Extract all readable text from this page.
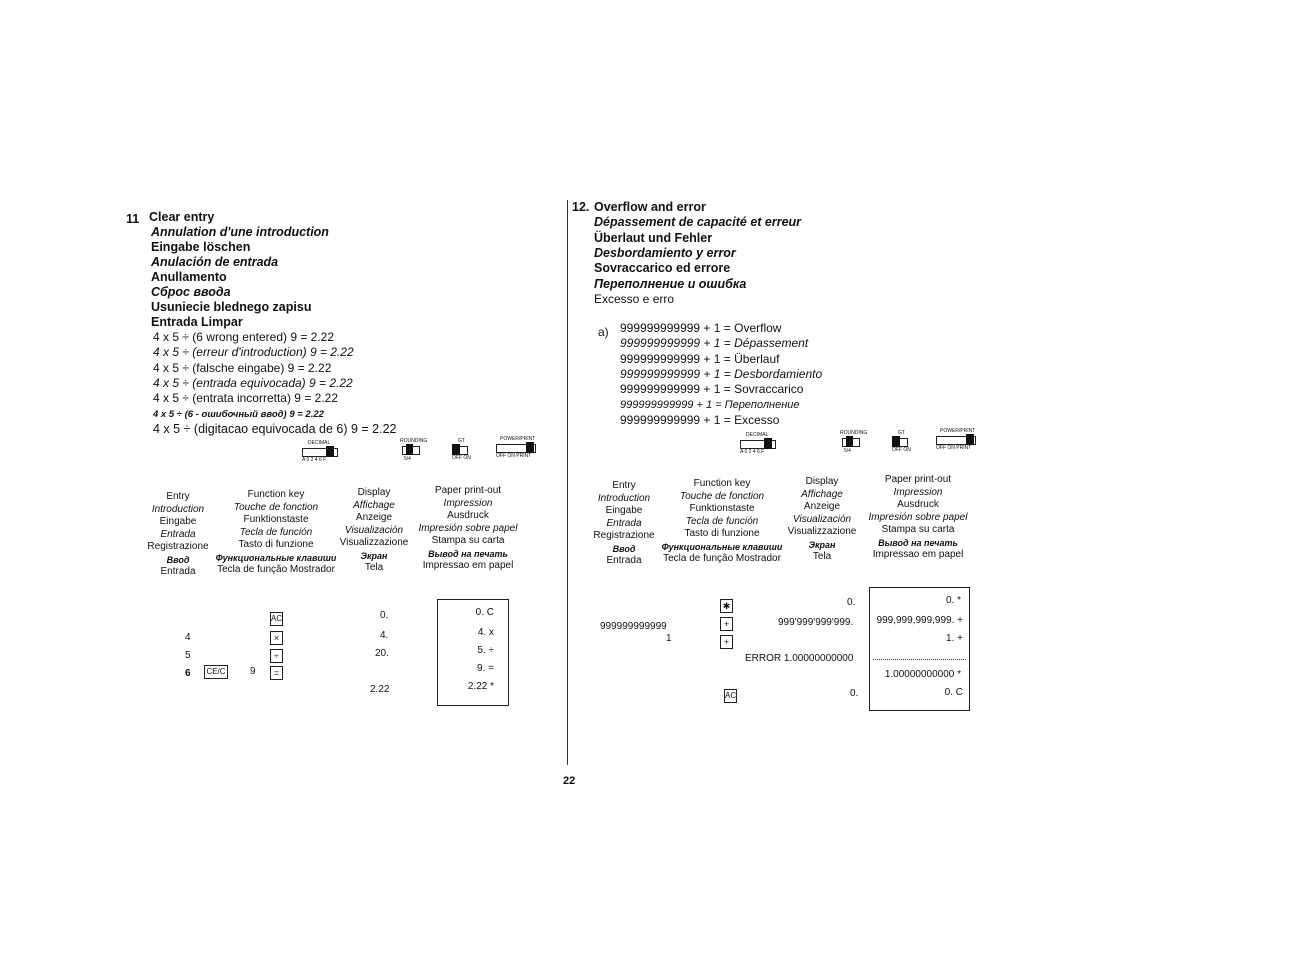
11 Clear entry
Annulation d'une introduction
Eingabe löschen
Anulación de entrada
Anullamento
Сброс ввода
Usuniecie blednego zapisu
Entrada Limpar
4 x 5 ÷ (6 wrong entered) 9 = 2.22
4 x 5 ÷ (erreur d'introduction) 9 = 2.22
4 x 5 ÷ (falsche eingabe) 9 = 2.22
4 x 5 ÷ (entrada equivocada) 9 = 2.22
4 x 5 ÷ (entrata incorretta) 9 = 2.22
4 x 5 ÷ (6 - ошибочный ввод) 9 = 2.22
4 x 5 ÷ (digitacao equivocada de 6) 9 = 2.22
DECIMAL
A 0 2 4 6 F
ROUNDING
5/4
GT
OFF ON
POWER/PRINT
OFF ON PRINT
Entry
Introduction
Eingabe
Entrada
Registrazione
Ввод
Entrada
Function key
Touche de fonction
Funktionstaste
Tecla de función
Tasto di funzione
Функциональные клавиши
Tecla de função Mostrador
Display
Affichage
Anzeige
Visualización
Visualizzazione
Экран
Tela
Paper print-out
Impression
Ausdruck
Impresión sobre papel
Stampa su carta
Вывод на печать
Impressao em papel
4
5
6	9
AC
×
÷
CE/C	=
0.
4.
20.
2.22
0. C
4. x
5. ÷
9. =
2.22 *
22
12. Overflow and error
Dépassement de capacité et erreur
Überlaut und Fehler
Desbordamiento y error
Sovraccarico ed errore
Переполнение и ошибка
Excesso e erro
a) 999999999999 + 1 = Overflow
999999999999 + 1 = Dépassement
999999999999 + 1 = Überlauf
999999999999 + 1 = Desbordamiento
999999999999 + 1 = Sovraccarico
999999999999 + 1 = Переполнение
999999999999 + 1 = Excesso
DECIMAL
A 0 2 4 6 F
ROUNDING
5/4
GT
OFF ON
POWER/PRINT
OFF ON PRINT
Entry
Introduction
Eingabe
Entrada
Registrazione
Ввод
Entrada
Function key
Touche de fonction
Funktionstaste
Tecla de función
Tasto di funzione
Функциональные клавиши
Tecla de função Mostrador
Display
Affichage
Anzeige
Visualización
Visualizzazione
Экран
Tela
Paper print-out
Impression
Ausdruck
Impresión sobre papel
Stampa su carta
Вывод на печать
Impressao em papel
999999999999
1
✱
+
+
AC
0.
999'999'999'999.
ERROR 1.00000000000
0.
0. *
999,999,999,999. +
1. +
1.00000000000 *
0. C
